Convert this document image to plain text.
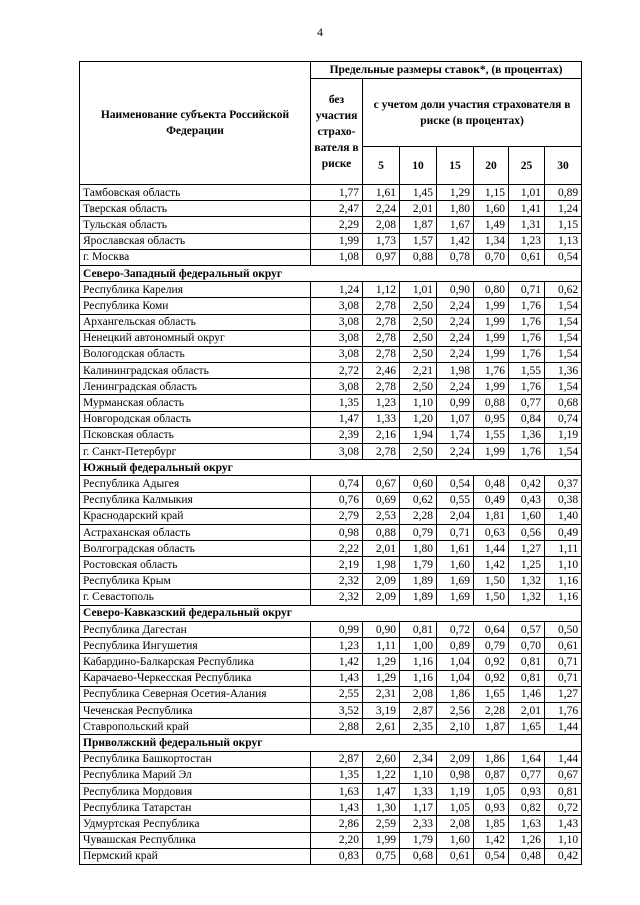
4
Наименование субъекта Российской Федерации	Предельные размеры ставок*, (в процентах)						
	без участия страхо-вателя в риске	с учетом доли участия страхователя в риске (в процентах)					
		5	10	15	20	25	30
Тамбовская область	1,77	1,61	1,45	1,29	1,15	1,01	0,89
Тверская область	2,47	2,24	2,01	1,80	1,60	1,41	1,24
Тульская область	2,29	2,08	1,87	1,67	1,49	1,31	1,15
Ярославская область	1,99	1,73	1,57	1,42	1,34	1,23	1,13
г. Москва	1,08	0,97	0,88	0,78	0,70	0,61	0,54
Северо-Западный федеральный округ							
Республика Карелия	1,24	1,12	1,01	0,90	0,80	0,71	0,62
Республика Коми	3,08	2,78	2,50	2,24	1,99	1,76	1,54
Архангельская область	3,08	2,78	2,50	2,24	1,99	1,76	1,54
Ненецкий автономный округ	3,08	2,78	2,50	2,24	1,99	1,76	1,54
Вологодская область	3,08	2,78	2,50	2,24	1,99	1,76	1,54
Калининградская область	2,72	2,46	2,21	1,98	1,76	1,55	1,36
Ленинградская область	3,08	2,78	2,50	2,24	1,99	1,76	1,54
Мурманская область	1,35	1,23	1,10	0,99	0,88	0,77	0,68
Новгородская область	1,47	1,33	1,20	1,07	0,95	0,84	0,74
Псковская область	2,39	2,16	1,94	1,74	1,55	1,36	1,19
г. Санкт-Петербург	3,08	2,78	2,50	2,24	1,99	1,76	1,54
Южный федеральный округ							
Республика Адыгея	0,74	0,67	0,60	0,54	0,48	0,42	0,37
Республика Калмыкия	0,76	0,69	0,62	0,55	0,49	0,43	0,38
Краснодарский край	2,79	2,53	2,28	2,04	1,81	1,60	1,40
Астраханская область	0,98	0,88	0,79	0,71	0,63	0,56	0,49
Волгоградская область	2,22	2,01	1,80	1,61	1,44	1,27	1,11
Ростовская область	2,19	1,98	1,79	1,60	1,42	1,25	1,10
Республика Крым	2,32	2,09	1,89	1,69	1,50	1,32	1,16
г. Севастополь	2,32	2,09	1,89	1,69	1,50	1,32	1,16
Северо-Кавказский федеральный округ							
Республика Дагестан	0,99	0,90	0,81	0,72	0,64	0,57	0,50
Республика Ингушетия	1,23	1,11	1,00	0,89	0,79	0,70	0,61
Кабардино-Балкарская Республика	1,42	1,29	1,16	1,04	0,92	0,81	0,71
Карачаево-Черкесская Республика	1,43	1,29	1,16	1,04	0,92	0,81	0,71
Республика Северная Осетия-Алания	2,55	2,31	2,08	1,86	1,65	1,46	1,27
Чеченская Республика	3,52	3,19	2,87	2,56	2,28	2,01	1,76
Ставропольский край	2,88	2,61	2,35	2,10	1,87	1,65	1,44
Приволжский федеральный округ							
Республика Башкортостан	2,87	2,60	2,34	2,09	1,86	1,64	1,44
Республика Марий Эл	1,35	1,22	1,10	0,98	0,87	0,77	0,67
Республика Мордовия	1,63	1,47	1,33	1,19	1,05	0,93	0,81
Республика Татарстан	1,43	1,30	1,17	1,05	0,93	0,82	0,72
Удмуртская Республика	2,86	2,59	2,33	2,08	1,85	1,63	1,43
Чувашская Республика	2,20	1,99	1,79	1,60	1,42	1,26	1,10
Пермский край	0,83	0,75	0,68	0,61	0,54	0,48	0,42
